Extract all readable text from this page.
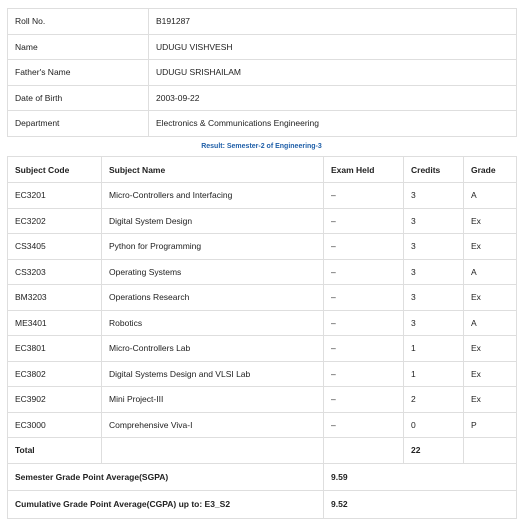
Roll No.	B191287
Name	UDUGU VISHVESH
Father's Name	UDUGU SRISHAILAM
Date of Birth	2003-09-22
Department	Electronics & Communications Engineering
Result: Semester-2 of Engineering-3
Subject Code	Subject Name	Exam Held	Credits	Grade
EC3201	Micro-Controllers and Interfacing	–	3	A
EC3202	Digital System Design	–	3	Ex
CS3405	Python for Programming	–	3	Ex
CS3203	Operating Systems	–	3	A
BM3203	Operations Research	–	3	Ex
ME3401	Robotics	–	3	A
EC3801	Micro-Controllers Lab	–	1	Ex
EC3802	Digital Systems Design and VLSI Lab	–	1	Ex
EC3902	Mini Project-III	–	2	Ex
EC3000	Comprehensive Viva-I	–	0	P
Total			22	
Semester Grade Point Average(SGPA)		9.59		
Cumulative Grade Point Average(CGPA) up to: E3_S2		9.52		
